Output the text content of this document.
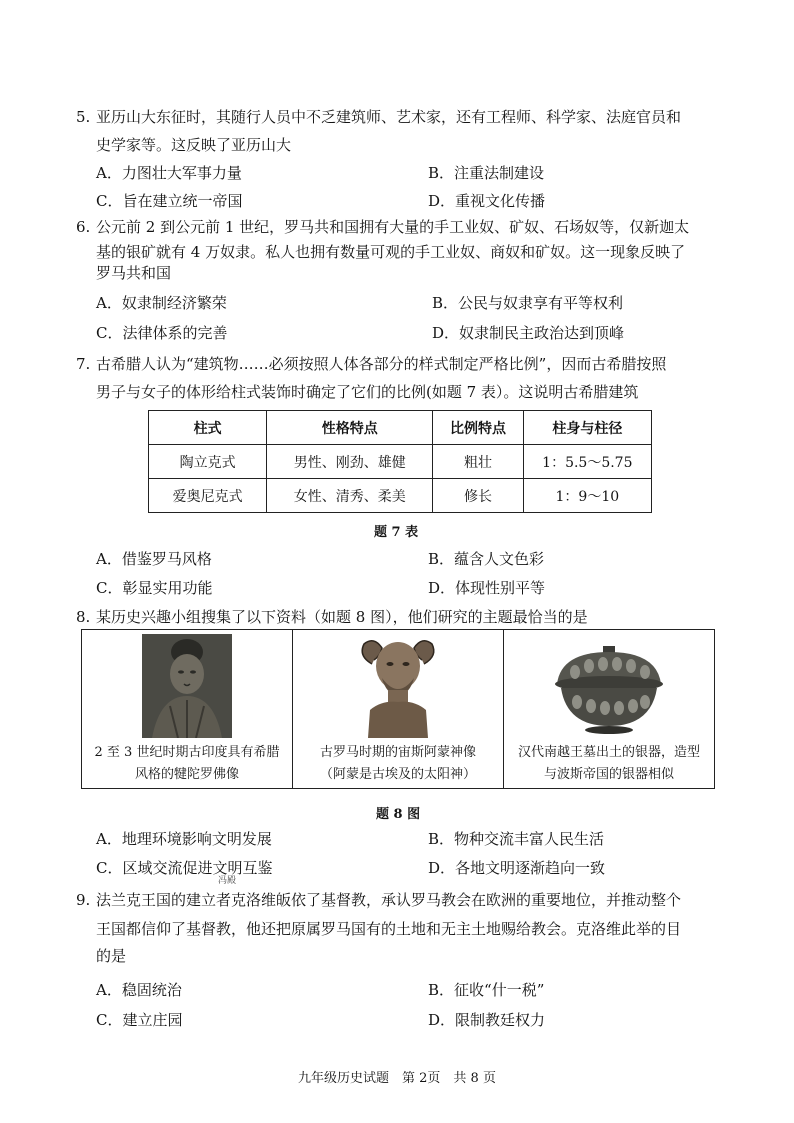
5. 亚历山大东征时，其随行人员中不乏建筑师、艺术家，还有工程师、科学家、法庭官员和
史学家等。这反映了亚历山大
A．力图壮大军事力量	B．注重法制建设
C．旨在建立统一帝国	D．重视文化传播
6. 公元前 2 到公元前 1 世纪，罗马共和国拥有大量的手工业奴、矿奴、石场奴等，仅新迦太
基的银矿就有 4 万奴隶。私人也拥有数量可观的手工业奴、商奴和矿奴。这一现象反映了
罗马共和国
A．奴隶制经济繁荣	B．公民与奴隶享有平等权利
C．法律体系的完善	D．奴隶制民主政治达到顶峰
7. 古希腊人认为“建筑物……必须按照人体各部分的样式制定严格比例”，因而古希腊按照
男子与女子的体形给柱式装饰时确定了它们的比例(如题 7 表）。这说明古希腊建筑
柱式	性格特点	比例特点	柱身与柱径
陶立克式	男性、刚劲、雄健	粗壮	1：5.5～5.75
爱奥尼克式	女性、清秀、柔美	修长	1：9～10
题 7 表
A．借鉴罗马风格	B．蕴含人文色彩
C．彰显实用功能	D．体现性别平等
8. 某历史兴趣小组搜集了以下资料（如题 8 图），他们研究的主题最恰当的是
2 至 3 世纪时期古印度具有希腊
风格的犍陀罗佛像
古罗马时期的宙斯阿蒙神像
（阿蒙是古埃及的太阳神）
汉代南越王墓出土的银器，造型
与波斯帝国的银器相似
题 8 图
A．地理环境影响文明发展	B．物种交流丰富人民生活
C．区域交流促进文明互鉴	D．各地文明逐渐趋向一致
冯殿
9. 法兰克王国的建立者克洛维皈依了基督教，承认罗马教会在欧洲的重要地位，并推动整个
王国都信仰了基督教，他还把原属罗马国有的土地和无主土地赐给教会。克洛维此举的目
的是
A．稳固统治	B．征收“什一税”
C．建立庄园	D．限制教廷权力
九年级历史试题　第 2页　共 8 页
